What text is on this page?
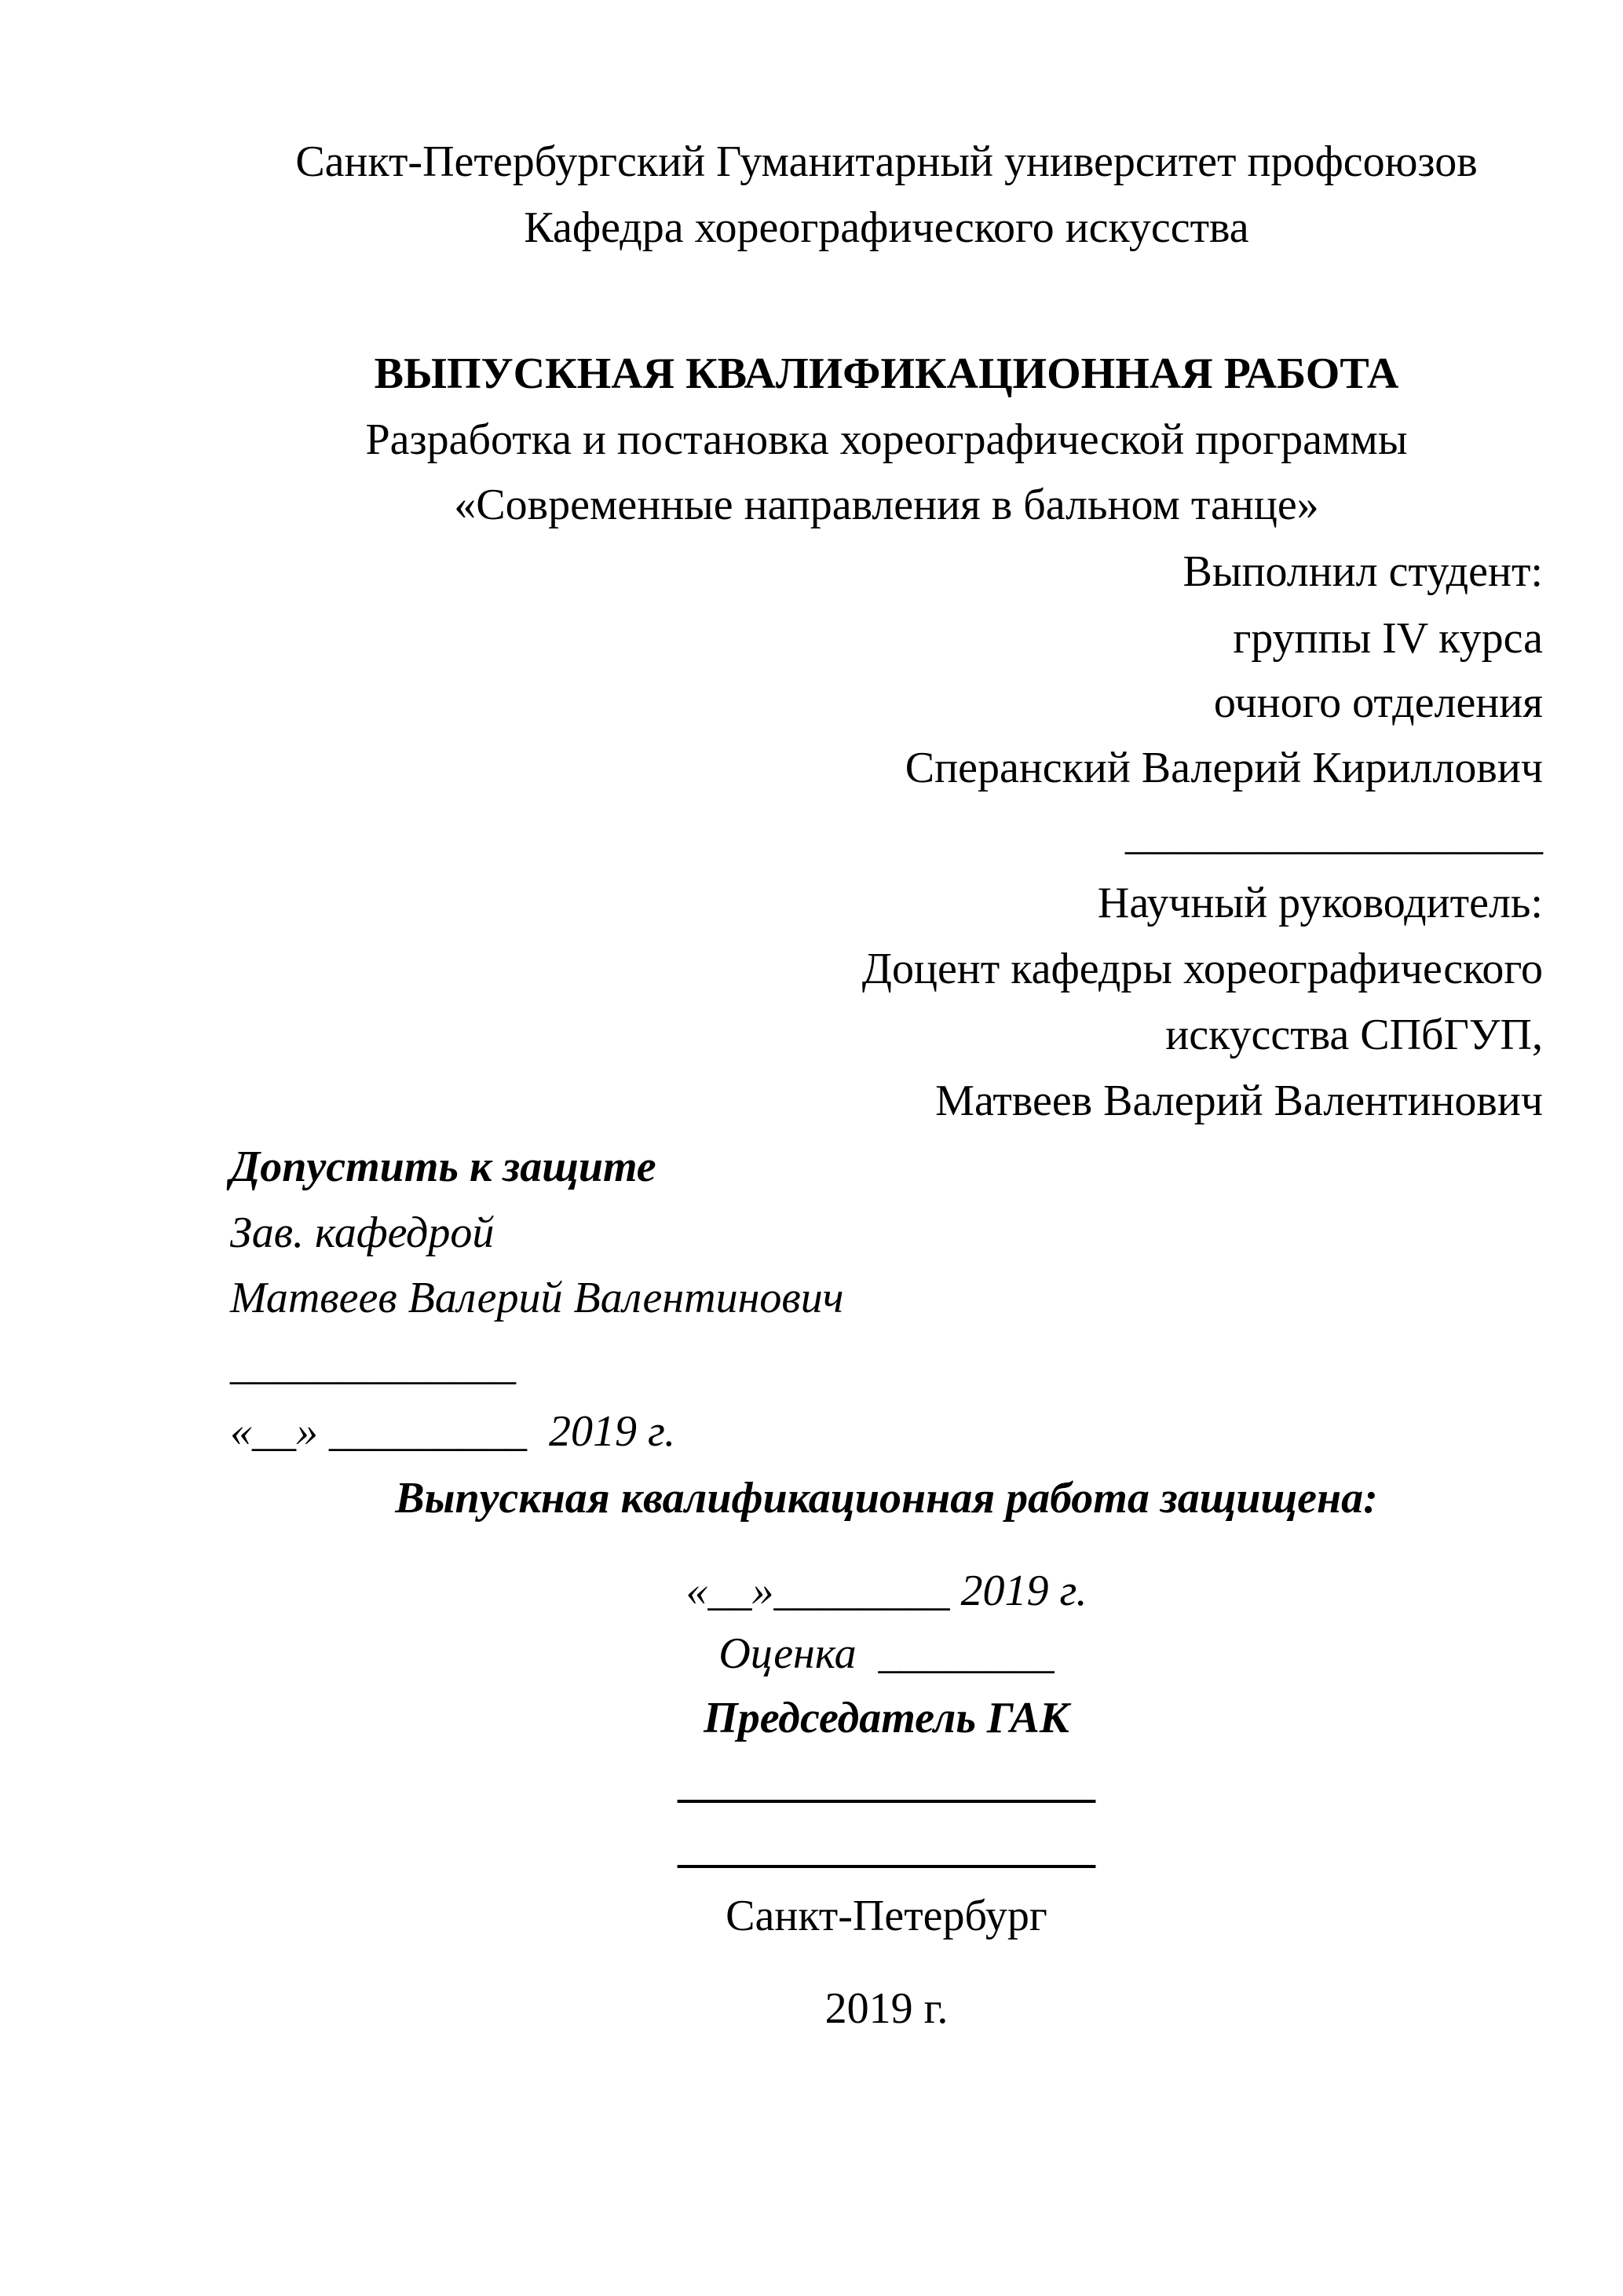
Санкт-Петербургский Гуманитарный университет профсоюзов
Кафедра хореографического искусства
ВЫПУСКНАЯ КВАЛИФИКАЦИОННАЯ РАБОТА
Разработка и постановка хореографической программы
«Современные направления в бальном танце»
Выполнил студент:
группы IV курса
очного отделения
Сперанский Валерий Кириллович
___________________
Научный руководитель:
Доцент кафедры хореографического
искусства СПбГУП,
Матвеев Валерий Валентинович
Допустить к защите
Зав. кафедрой
Матвеев Валерий Валентинович
_____________
«__» _________  2019 г.
Выпускная квалификационная работа защищена:
«__»________ 2019 г.
Оценка  ________
Председатель ГАК
___________________
___________________
Санкт-Петербург
2019 г.
